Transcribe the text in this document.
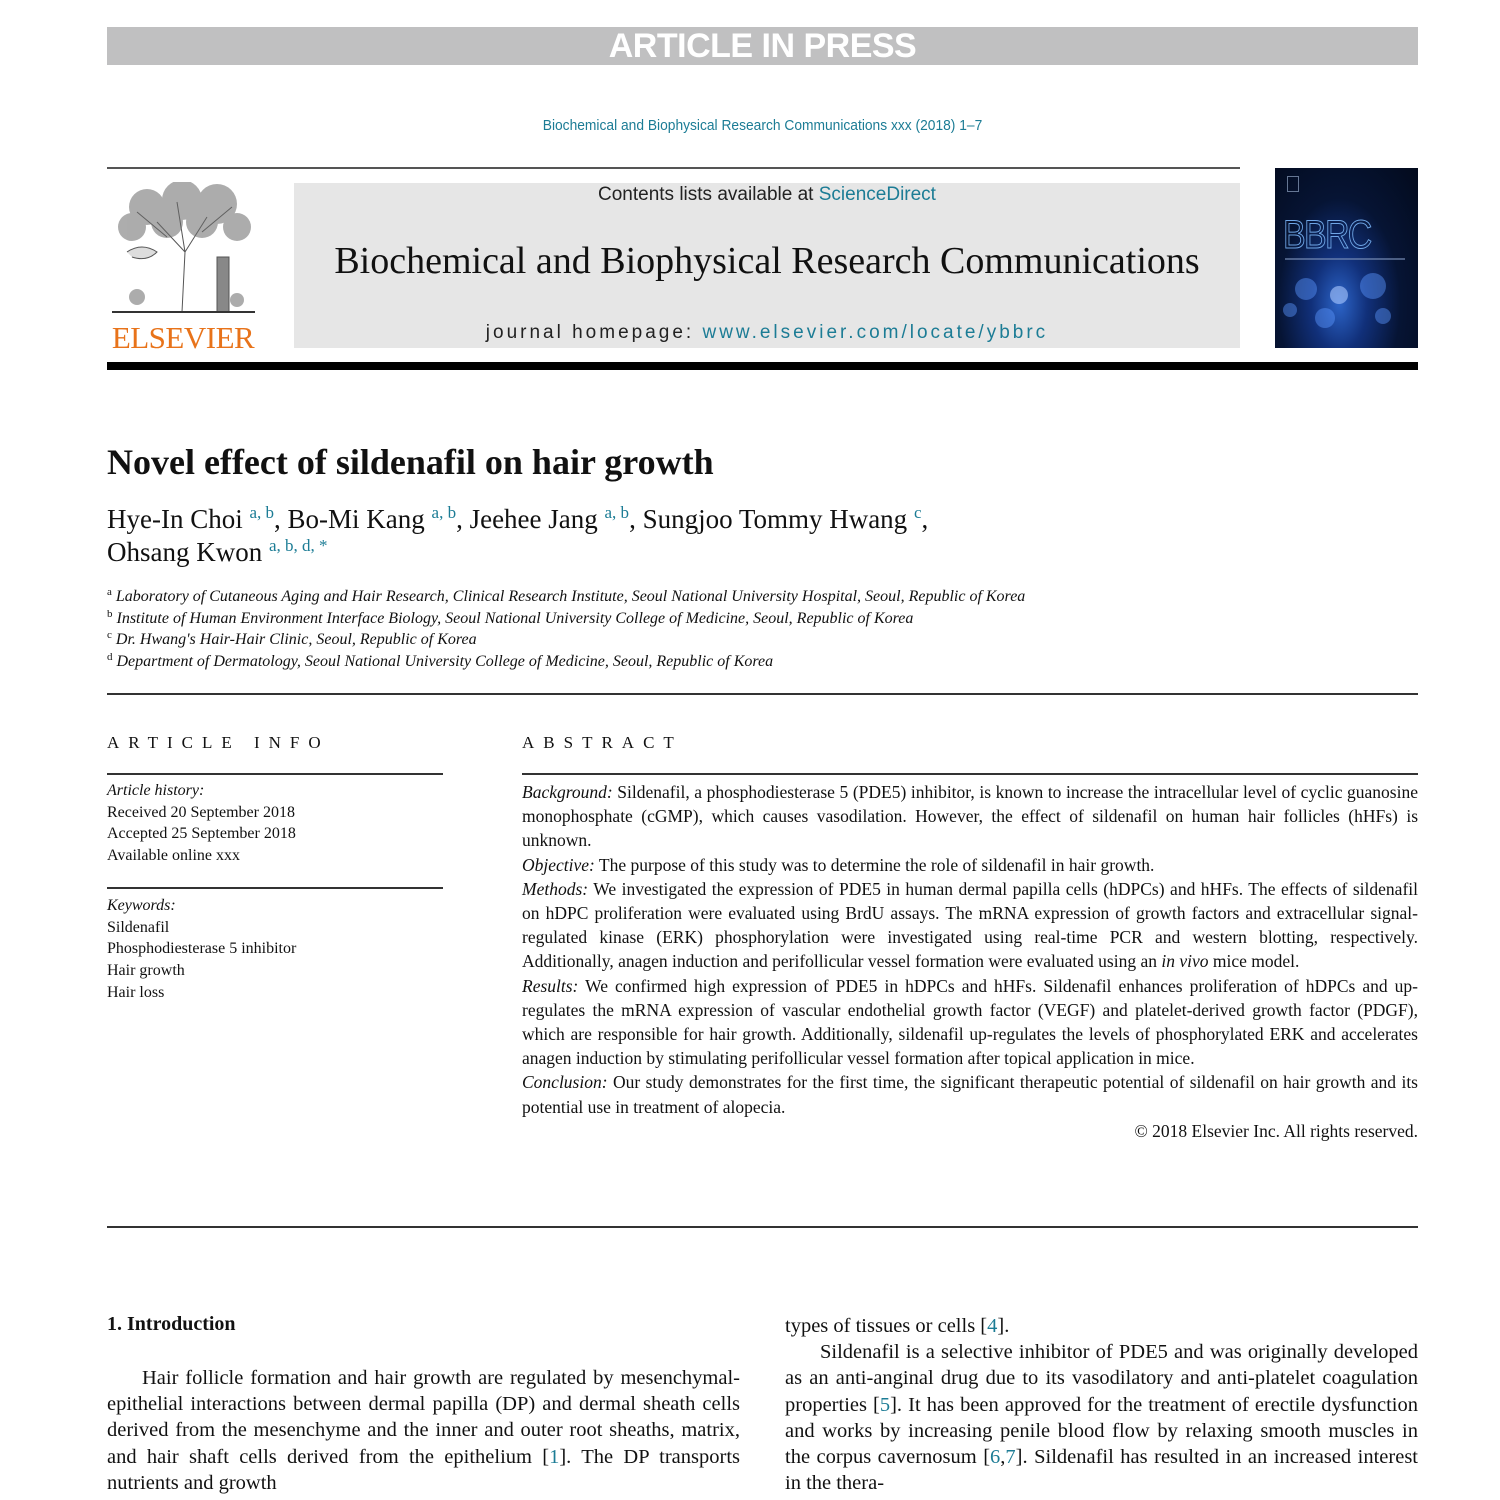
ARTICLE IN PRESS
Biochemical and Biophysical Research Communications xxx (2018) 1–7
ELSEVIER
Contents lists available at ScienceDirect
Biochemical and Biophysical Research Communications
journal homepage: www.elsevier.com/locate/ybbrc
BBRC
Novel effect of sildenafil on hair growth
Hye-In Choi $^{a, b}$, Bo-Mi Kang $^{a, b}$, Jeehee Jang $^{a, b}$, Sungjoo Tommy Hwang $^c$,
Ohsang Kwon $^{a, b, d, *}$
$^a$ Laboratory of Cutaneous Aging and Hair Research, Clinical Research Institute, Seoul National University Hospital, Seoul, Republic of Korea
$^b$ Institute of Human Environment Interface Biology, Seoul National University College of Medicine, Seoul, Republic of Korea
$^c$ Dr. Hwang's Hair-Hair Clinic, Seoul, Republic of Korea
$^d$ Department of Dermatology, Seoul National University College of Medicine, Seoul, Republic of Korea
ARTICLE INFO
Article history:
Received 20 September 2018
Accepted 25 September 2018
Available online xxx
Keywords:
Sildenafil
Phosphodiesterase 5 inhibitor
Hair growth
Hair loss
ABSTRACT

Background: Sildenafil, a phosphodiesterase 5 (PDE5) inhibitor, is known to increase the intracellular level of cyclic guanosine monophosphate (cGMP), which causes vasodilation. However, the effect of sildenafil on human hair follicles (hHFs) is unknown.

Objective: The purpose of this study was to determine the role of sildenafil in hair growth.

Methods: We investigated the expression of PDE5 in human dermal papilla cells (hDPCs) and hHFs. The effects of sildenafil on hDPC proliferation were evaluated using BrdU assays. The mRNA expression of growth factors and extracellular signal-regulated kinase (ERK) phosphorylation were investigated using real-time PCR and western blotting, respectively. Additionally, anagen induction and perifollicular vessel formation were evaluated using an in vivo mice model.

Results: We confirmed high expression of PDE5 in hDPCs and hHFs. Sildenafil enhances proliferation of hDPCs and up-regulates the mRNA expression of vascular endothelial growth factor (VEGF) and platelet-derived growth factor (PDGF), which are responsible for hair growth. Additionally, sildenafil up-regulates the levels of phosphorylated ERK and accelerates anagen induction by stimulating perifollicular vessel formation after topical application in mice.

Conclusion: Our study demonstrates for the first time, the significant therapeutic potential of sildenafil on hair growth and its potential use in treatment of alopecia.

© 2018 Elsevier Inc. All rights reserved.

1. Introduction

Hair follicle formation and hair growth are regulated by mesenchymal-epithelial interactions between dermal papilla (DP) and dermal sheath cells derived from the mesenchyme and the inner and outer root sheaths, matrix, and hair shaft cells derived from the epithelium [1]. The DP transports nutrients and growth

types of tissues or cells [4].

Sildenafil is a selective inhibitor of PDE5 and was originally developed as an anti-anginal drug due to its vasodilatory and anti-platelet coagulation properties [5]. It has been approved for the treatment of erectile dysfunction and works by increasing penile blood flow by relaxing smooth muscles in the corpus cavernosum [6,7]. Sildenafil has resulted in an increased interest in the thera-
